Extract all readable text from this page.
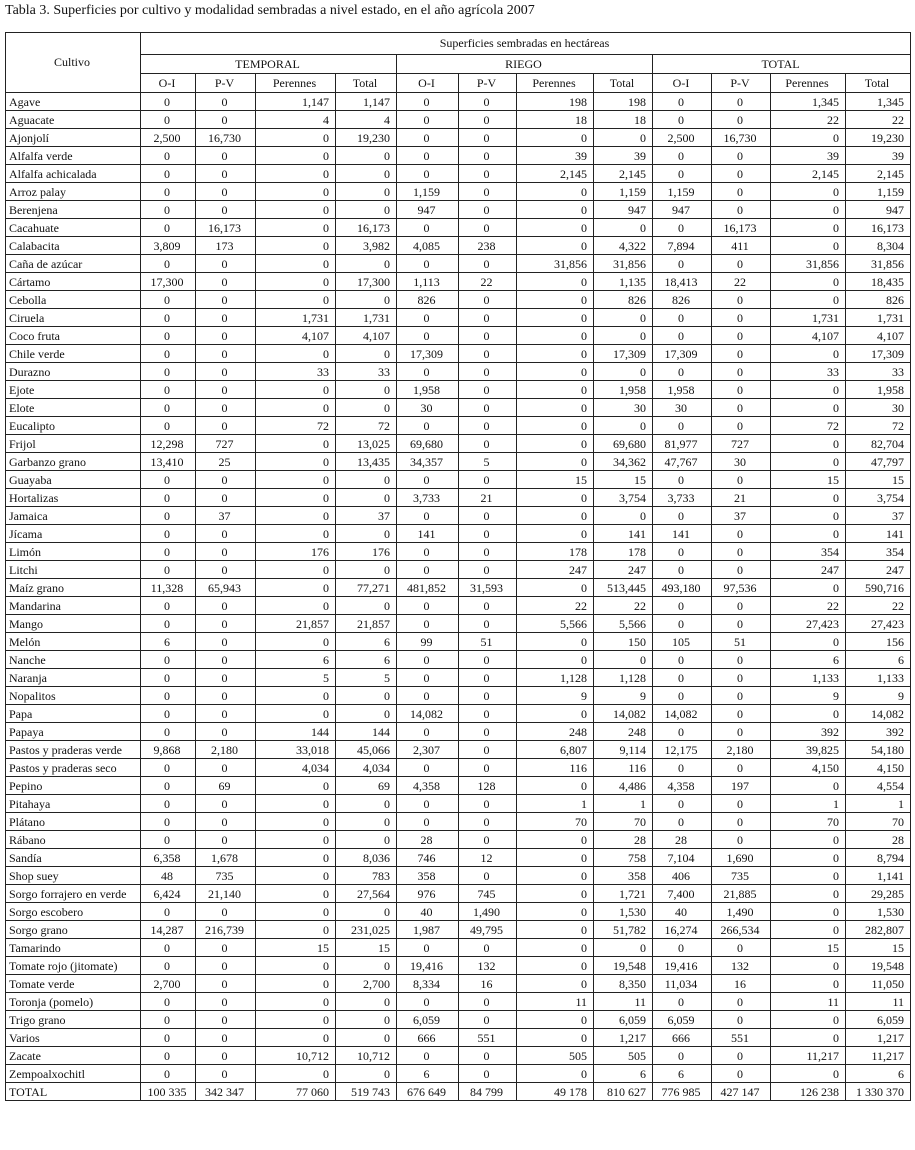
Tabla 3. Superficies por cultivo y modalidad sembradas a nivel estado, en el año agrícola 2007
Cultivo	Superficies sembradas en hectáreas											
	TEMPORAL				RIEGO				TOTAL			
	O-I	P-V	Perennes	Total	O-I	P-V	Perennes	Total	O-I	P-V	Perennes	Total
Agave	0	0	1,147	1,147	0	0	198	198	0	0	1,345	1,345
Aguacate	0	0	4	4	0	0	18	18	0	0	22	22
Ajonjolí	2,500	16,730	0	19,230	0	0	0	0	2,500	16,730	0	19,230
Alfalfa verde	0	0	0	0	0	0	39	39	0	0	39	39
Alfalfa achicalada	0	0	0	0	0	0	2,145	2,145	0	0	2,145	2,145
Arroz palay	0	0	0	0	1,159	0	0	1,159	1,159	0	0	1,159
Berenjena	0	0	0	0	947	0	0	947	947	0	0	947
Cacahuate	0	16,173	0	16,173	0	0	0	0	0	16,173	0	16,173
Calabacita	3,809	173	0	3,982	4,085	238	0	4,322	7,894	411	0	8,304
Caña de azúcar	0	0	0	0	0	0	31,856	31,856	0	0	31,856	31,856
Cártamo	17,300	0	0	17,300	1,113	22	0	1,135	18,413	22	0	18,435
Cebolla	0	0	0	0	826	0	0	826	826	0	0	826
Ciruela	0	0	1,731	1,731	0	0	0	0	0	0	1,731	1,731
Coco fruta	0	0	4,107	4,107	0	0	0	0	0	0	4,107	4,107
Chile verde	0	0	0	0	17,309	0	0	17,309	17,309	0	0	17,309
Durazno	0	0	33	33	0	0	0	0	0	0	33	33
Ejote	0	0	0	0	1,958	0	0	1,958	1,958	0	0	1,958
Elote	0	0	0	0	30	0	0	30	30	0	0	30
Eucalipto	0	0	72	72	0	0	0	0	0	0	72	72
Frijol	12,298	727	0	13,025	69,680	0	0	69,680	81,977	727	0	82,704
Garbanzo grano	13,410	25	0	13,435	34,357	5	0	34,362	47,767	30	0	47,797
Guayaba	0	0	0	0	0	0	15	15	0	0	15	15
Hortalizas	0	0	0	0	3,733	21	0	3,754	3,733	21	0	3,754
Jamaica	0	37	0	37	0	0	0	0	0	37	0	37
Jícama	0	0	0	0	141	0	0	141	141	0	0	141
Limón	0	0	176	176	0	0	178	178	0	0	354	354
Litchi	0	0	0	0	0	0	247	247	0	0	247	247
Maíz grano	11,328	65,943	0	77,271	481,852	31,593	0	513,445	493,180	97,536	0	590,716
Mandarina	0	0	0	0	0	0	22	22	0	0	22	22
Mango	0	0	21,857	21,857	0	0	5,566	5,566	0	0	27,423	27,423
Melón	6	0	0	6	99	51	0	150	105	51	0	156
Nanche	0	0	6	6	0	0	0	0	0	0	6	6
Naranja	0	0	5	5	0	0	1,128	1,128	0	0	1,133	1,133
Nopalitos	0	0	0	0	0	0	9	9	0	0	9	9
Papa	0	0	0	0	14,082	0	0	14,082	14,082	0	0	14,082
Papaya	0	0	144	144	0	0	248	248	0	0	392	392
Pastos y praderas verde	9,868	2,180	33,018	45,066	2,307	0	6,807	9,114	12,175	2,180	39,825	54,180
Pastos y praderas seco	0	0	4,034	4,034	0	0	116	116	0	0	4,150	4,150
Pepino	0	69	0	69	4,358	128	0	4,486	4,358	197	0	4,554
Pitahaya	0	0	0	0	0	0	1	1	0	0	1	1
Plátano	0	0	0	0	0	0	70	70	0	0	70	70
Rábano	0	0	0	0	28	0	0	28	28	0	0	28
Sandía	6,358	1,678	0	8,036	746	12	0	758	7,104	1,690	0	8,794
Shop suey	48	735	0	783	358	0	0	358	406	735	0	1,141
Sorgo forrajero en verde	6,424	21,140	0	27,564	976	745	0	1,721	7,400	21,885	0	29,285
Sorgo escobero	0	0	0	0	40	1,490	0	1,530	40	1,490	0	1,530
Sorgo grano	14,287	216,739	0	231,025	1,987	49,795	0	51,782	16,274	266,534	0	282,807
Tamarindo	0	0	15	15	0	0	0	0	0	0	15	15
Tomate rojo (jitomate)	0	0	0	0	19,416	132	0	19,548	19,416	132	0	19,548
Tomate verde	2,700	0	0	2,700	8,334	16	0	8,350	11,034	16	0	11,050
Toronja (pomelo)	0	0	0	0	0	0	11	11	0	0	11	11
Trigo grano	0	0	0	0	6,059	0	0	6,059	6,059	0	0	6,059
Varios	0	0	0	0	666	551	0	1,217	666	551	0	1,217
Zacate	0	0	10,712	10,712	0	0	505	505	0	0	11,217	11,217
Zempoalxochitl	0	0	0	0	6	0	0	6	6	0	0	6
TOTAL	100 335	342 347	77 060	519 743	676 649	84 799	49 178	810 627	776 985	427 147	126 238	1 330 370
